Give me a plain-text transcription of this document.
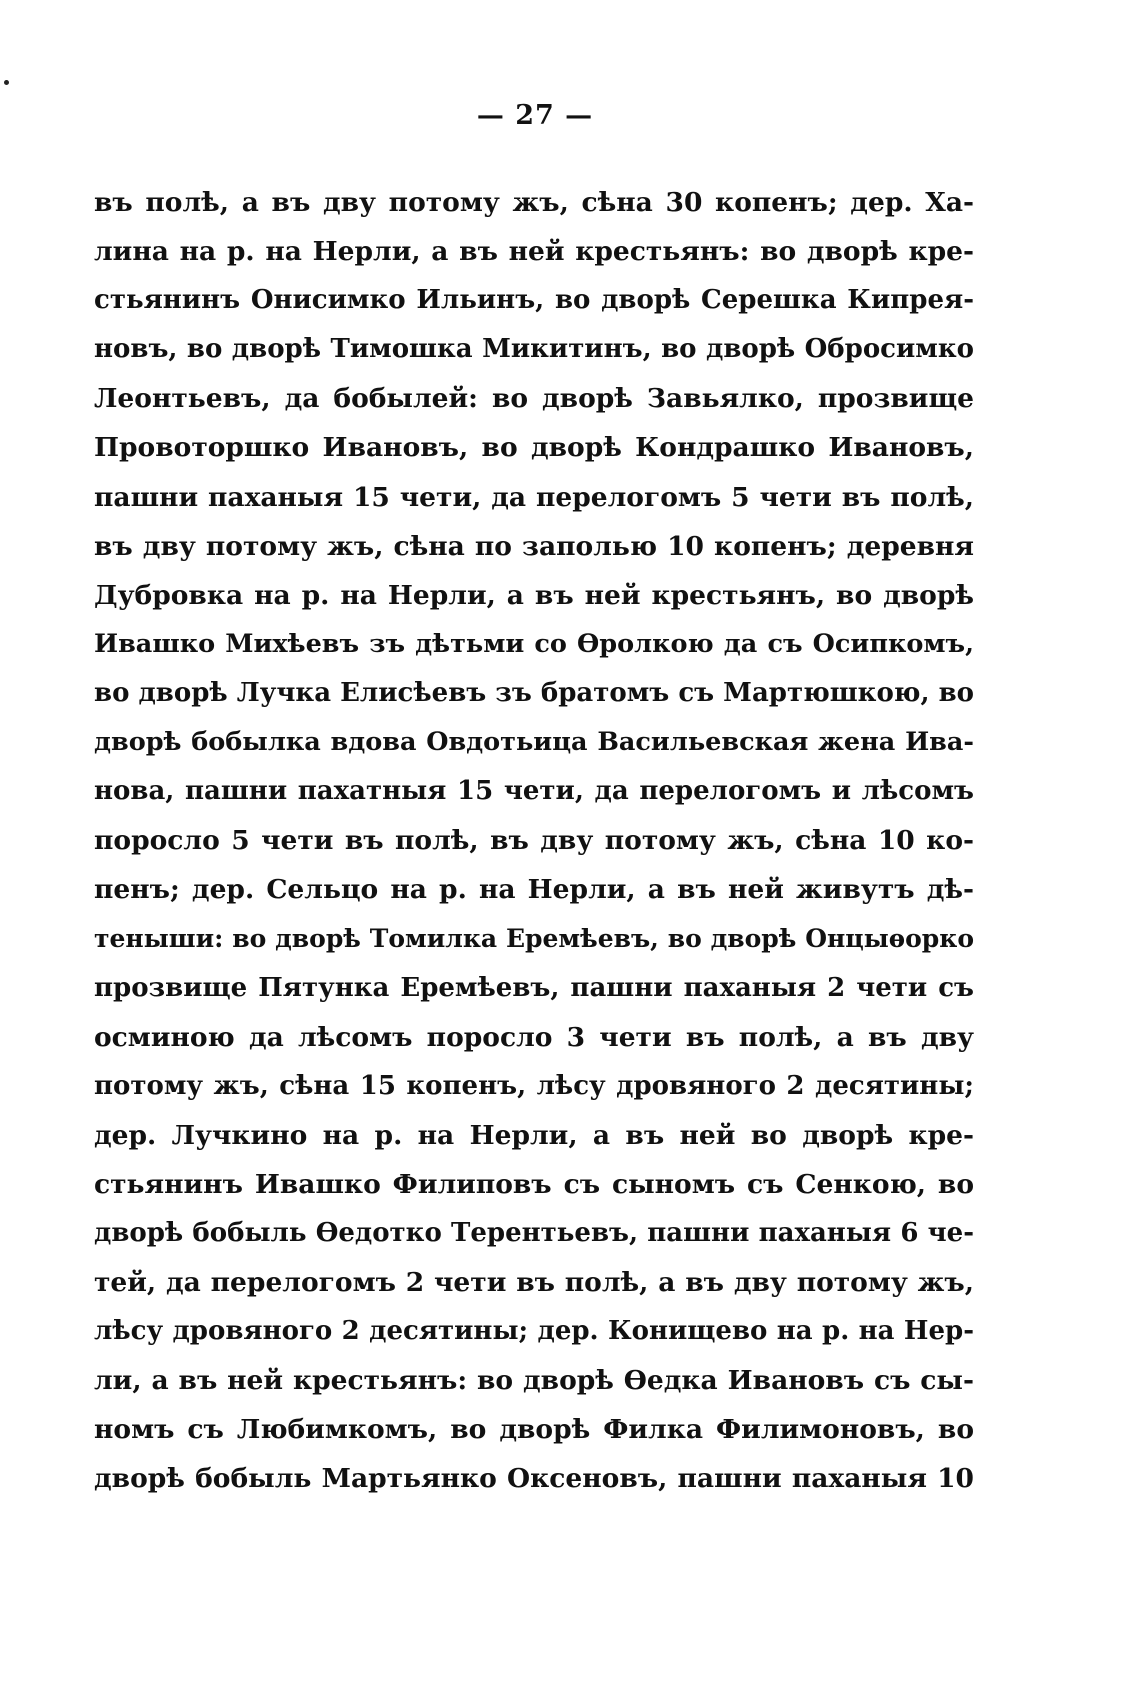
— 27 —
въ полѣ, а въ дву потому жъ, сѣна 30 копенъ; дер. Ха-
лина на р. на Нерли, а въ ней крестьянъ: во дворѣ кре-
стьянинъ Онисимко Ильинъ, во дворѣ Серешка Кипрея-
новъ, во дворѣ Тимошка Микитинъ, во дворѣ Обросимко
Леонтьевъ, да бобылей: во дворѣ Завьялко, прозвище
Провоторшко Ивановъ, во дворѣ Кондрашко Ивановъ,
пашни паханыя 15 чети, да перелогомъ 5 чети въ полѣ,
въ дву потому жъ, сѣна по заполью 10 копенъ; деревня
Дубровка на р. на Нерли, а въ ней крестьянъ, во дворѣ
Ивашко Михѣевъ зъ дѣтьми со Ѳролкою да съ Осипкомъ,
во дворѣ Лучка Елисѣевъ зъ братомъ съ Мартюшкою, во
дворѣ бобылка вдова Овдотьица Васильевская жена Ива-
нова, пашни пахатныя 15 чети, да перелогомъ и лѣсомъ
поросло 5 чети въ полѣ, въ дву потому жъ, сѣна 10 ко-
пенъ; дер. Сельцо на р. на Нерли, а въ ней живутъ дѣ-
теныши: во дворѣ Томилка Еремѣевъ, во дворѣ Онцыѳорко
прозвище Пятунка Еремѣевъ, пашни паханыя 2 чети съ
осминою да лѣсомъ поросло 3 чети въ полѣ, а въ дву
потому жъ, сѣна 15 копенъ, лѣсу дровяного 2 десятины;
дер. Лучкино на р. на Нерли, а въ ней во дворѣ кре-
стьянинъ Ивашко Филиповъ съ сыномъ съ Сенкою, во
дворѣ бобыль Ѳедотко Терентьевъ, пашни паханыя 6 че-
тей, да перелогомъ 2 чети въ полѣ, а въ дву потому жъ,
лѣсу дровяного 2 десятины; дер. Конищево на р. на Нер-
ли, а въ ней крестьянъ: во дворѣ Ѳедка Ивановъ съ сы-
номъ съ Любимкомъ, во дворѣ Филка Филимоновъ, во
дворѣ бобыль Мартьянко Оксеновъ, пашни паханыя 10
